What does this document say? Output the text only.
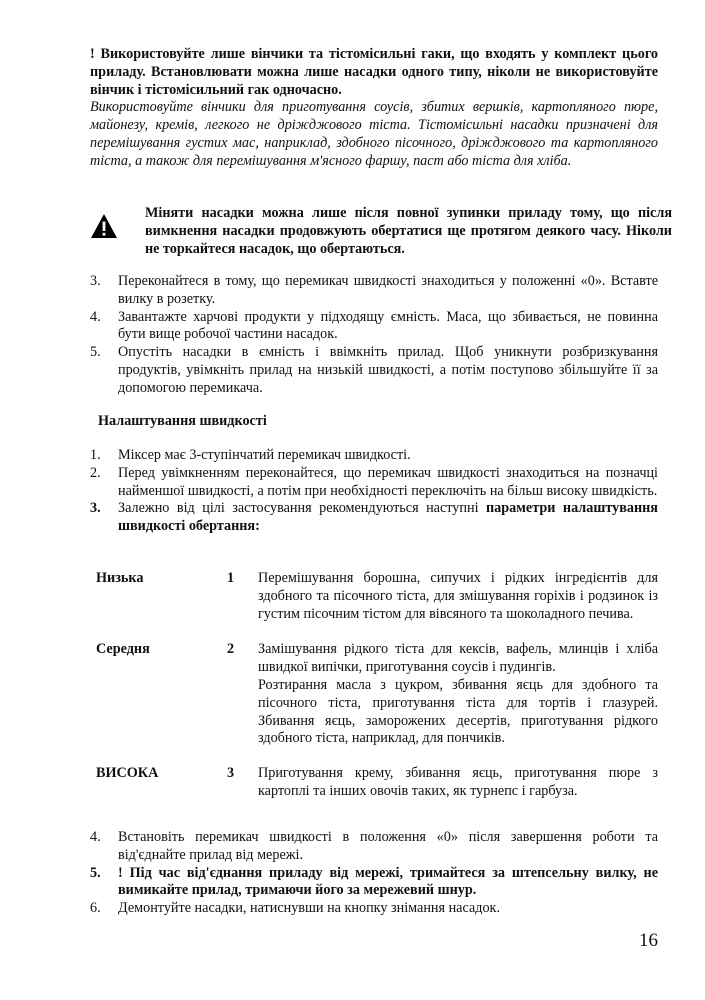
! Використовуйте лише вінчики та тістомісильні гаки, що входять у комплект цього приладу. Встановлювати можна лише насадки одного типу, ніколи не використовуйте вінчик і тістомісильний гак одночасно.
Використовуйте вінчики для приготування соусів, збитих вершків, картопляного пюре, майонезу, кремів, легкого не дріжджового тіста. Тістомісильні насадки призначені для перемішування густих мас, наприклад, здобного пісочного, дріжджового та картопляного тіста, а також для перемішування м'ясного фаршу, паст або тіста для хліба.
Міняти насадки можна лише після повної зупинки приладу тому, що після вимкнення насадки продовжують обертатися ще протягом деякого часу. Ніколи не торкайтеся насадок, що обертаються.
3. Переконайтеся в тому, що перемикач швидкості знаходиться у положенні «0». Вставте вилку в розетку.
4. Завантажте харчові продукти у підходящу ємність. Маса, що збивається, не повинна бути вище робочої частини насадок.
5. Опустіть насадки в ємність і ввімкніть прилад. Щоб уникнути розбризкування продуктів, увімкніть прилад на низькій швидкості, а потім поступово збільшуйте її за допомогою перемикача.
Налаштування швидкості
1. Міксер має 3-ступінчатий перемикач швидкості.
2. Перед увімкненням переконайтеся, що перемикач швидкості знаходиться на позначці найменшої швидкості, а потім при необхідності переключіть на більш високу швидкість.
3. Залежно від цілі застосування рекомендуються наступні параметри налаштування швидкості обертання:
Низька	1 Перемішування борошна, сипучих і рідких інгредієнтів для здобного та пісочного тіста, для змішування горіхів і родзинок із густим пісочним тістом для вівсяного та шоколадного печива.
Середня	2 Замішування рідкого тіста для кексів, вафель, млинців і хліба швидкої випічки, приготування соусів і пудингів.
Розтирання масла з цукром, збивання яєць для здобного та пісочного тіста, приготування тіста для тортів і глазурей. Збивання яєць, заморожених десертів, приготування рідкого здобного тіста, наприклад, для пончиків.
ВИСОКА	3 Приготування крему, збивання яєць, приготування пюре з картоплі та інших овочів таких, як турнепс і гарбуза.
4. Встановіть перемикач швидкості в положення «0» після завершення роботи та від'єднайте прилад від мережі.
5. ! Під час від'єднання приладу від мережі, тримайтеся за штепсельну вилку, не вимикайте прилад, тримаючи його за мережевий шнур.
6. Демонтуйте насадки, натиснувши на кнопку знімання насадок.
16
